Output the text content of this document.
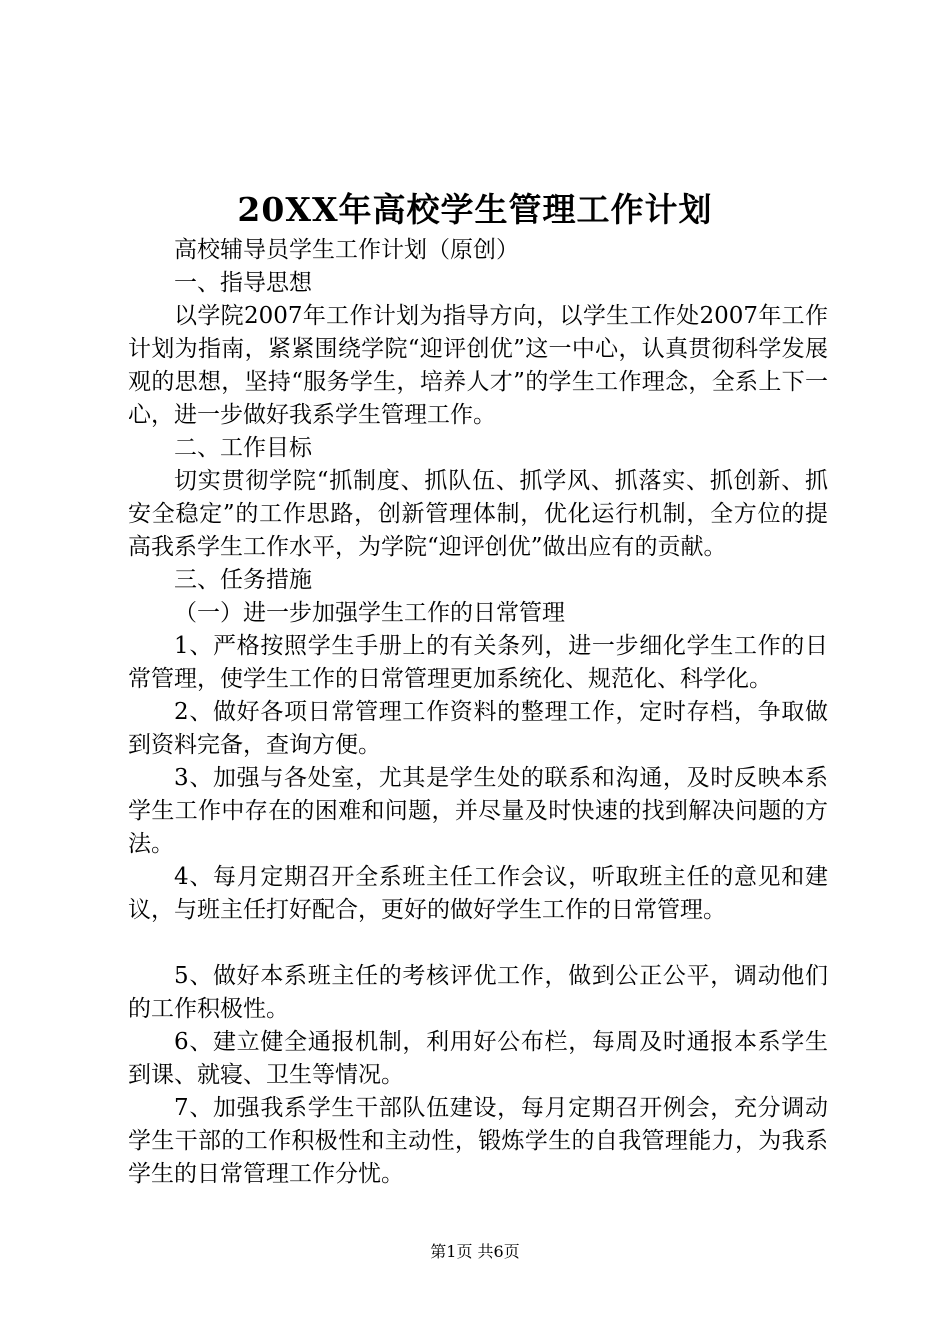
20XX年高校学生管理工作计划

高校辅导员学生工作计划（原创）

一、指导思想

以学院2007年工作计划为指导方向，以学生工作处2007年工作计划为指南，紧紧围绕学院“迎评创优”这一中心，认真贯彻科学发展观的思想，坚持“服务学生，培养人才”的学生工作理念，全系上下一心，进一步做好我系学生管理工作。

二、工作目标

切实贯彻学院“抓制度、抓队伍、抓学风、抓落实、抓创新、抓安全稳定”的工作思路，创新管理体制，优化运行机制，全方位的提高我系学生工作水平，为学院“迎评创优”做出应有的贡献。

三、任务措施

（一）进一步加强学生工作的日常管理

1、严格按照学生手册上的有关条列，进一步细化学生工作的日常管理，使学生工作的日常管理更加系统化、规范化、科学化。

2、做好各项日常管理工作资料的整理工作，定时存档，争取做到资料完备，查询方便。

3、加强与各处室，尤其是学生处的联系和沟通，及时反映本系学生工作中存在的困难和问题，并尽量及时快速的找到解决问题的方法。

4、每月定期召开全系班主任工作会议，听取班主任的意见和建议，与班主任打好配合，更好的做好学生工作的日常管理。

5、做好本系班主任的考核评优工作，做到公正公平，调动他们的工作积极性。

6、建立健全通报机制，利用好公布栏，每周及时通报本系学生到课、就寝、卫生等情况。

7、加强我系学生干部队伍建设，每月定期召开例会，充分调动学生干部的工作积极性和主动性，锻炼学生的自我管理能力，为我系学生的日常管理工作分忧。

第1页 共6页
